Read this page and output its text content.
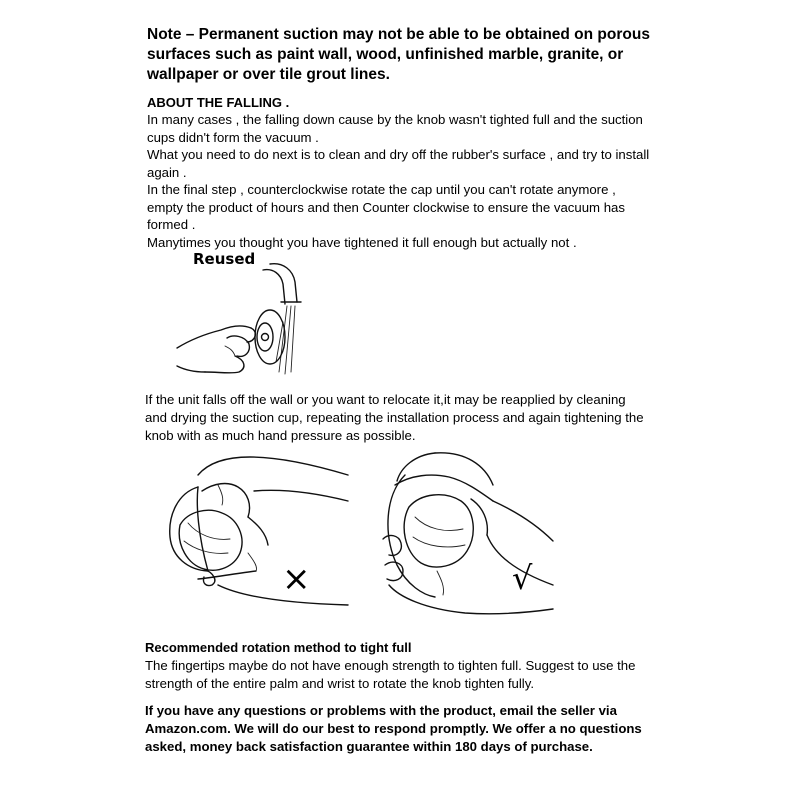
Note – Permanent suction may not be able to be obtained on porous surfaces such as paint wall, wood, unfinished marble, granite, or wallpaper or over tile grout lines.
ABOUT THE FALLING .
In many cases , the falling down cause by the knob wasn't tighted full and the suction
cups didn't form the vacuum .
What you need to do next is to clean and dry off the rubber's surface , and try to install
again .
In the final step , counterclockwise rotate the cap until you can't rotate anymore ,
empty the product of hours and then Counter clockwise to ensure the vacuum has
formed .
Manytimes you thought you have tightened it full enough but actually not .
Reused
If the unit falls off the wall or you want to relocate it,it may be reapplied by cleaning
and drying the suction cup, repeating the installation process and again tightening the
knob with as much hand pressure as possible.
×	√
Recommended rotation method to tight full
The fingertips maybe do not have enough strength to tighten full. Suggest to use the
strength of the entire palm and wrist to rotate the knob tighten fully.
If you have any questions or problems with the product, email the seller via
Amazon.com. We will do our best to respond promptly. We offer a no questions
asked, money back satisfaction guarantee within 180 days of purchase.
